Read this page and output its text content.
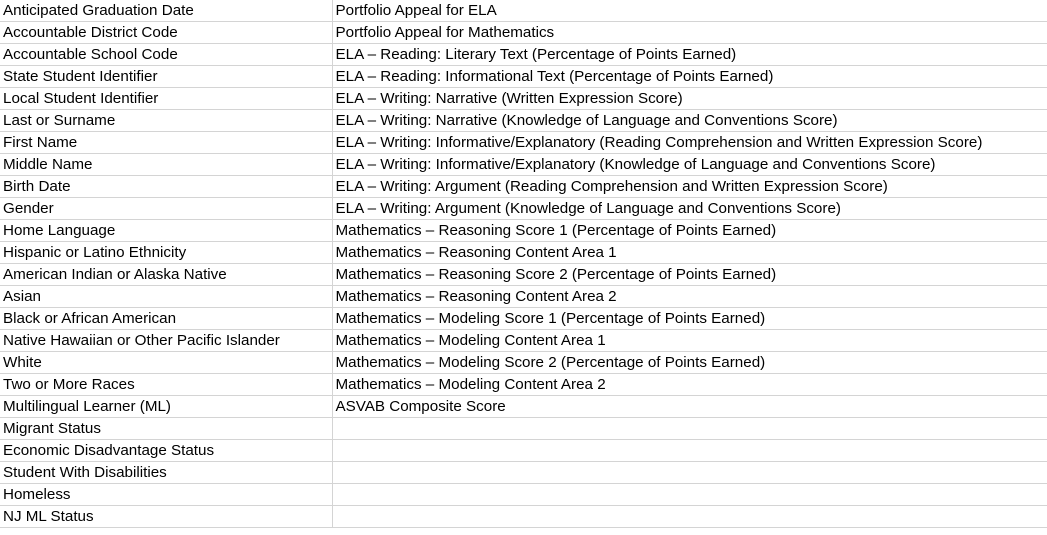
Anticipated Graduation Date	Portfolio Appeal for ELA
Accountable District Code	Portfolio Appeal for Mathematics
Accountable School Code	ELA – Reading: Literary Text (Percentage of Points Earned)
State Student Identifier	ELA – Reading: Informational Text (Percentage of Points Earned)
Local Student Identifier	ELA – Writing: Narrative (Written Expression Score)
Last or Surname	ELA – Writing: Narrative (Knowledge of Language and Conventions Score)
First Name	ELA – Writing: Informative/Explanatory (Reading Comprehension and Written Expression Score)
Middle Name	ELA – Writing: Informative/Explanatory (Knowledge of Language and Conventions Score)
Birth Date	ELA – Writing: Argument (Reading Comprehension and Written Expression Score)
Gender	ELA – Writing: Argument (Knowledge of Language and Conventions Score)
Home Language	Mathematics – Reasoning Score 1 (Percentage of Points Earned)
Hispanic or Latino Ethnicity	Mathematics – Reasoning Content Area 1
American Indian or Alaska Native	Mathematics – Reasoning Score 2 (Percentage of Points Earned)
Asian	Mathematics – Reasoning Content Area 2
Black or African American	Mathematics – Modeling Score 1 (Percentage of Points Earned)
Native Hawaiian or Other Pacific Islander	Mathematics – Modeling Content Area 1
White	Mathematics – Modeling Score 2 (Percentage of Points Earned)
Two or More Races	Mathematics – Modeling Content Area 2
Multilingual Learner (ML)	ASVAB Composite Score
Migrant Status	
Economic Disadvantage Status	
Student With Disabilities	
Homeless	
NJ ML Status	
